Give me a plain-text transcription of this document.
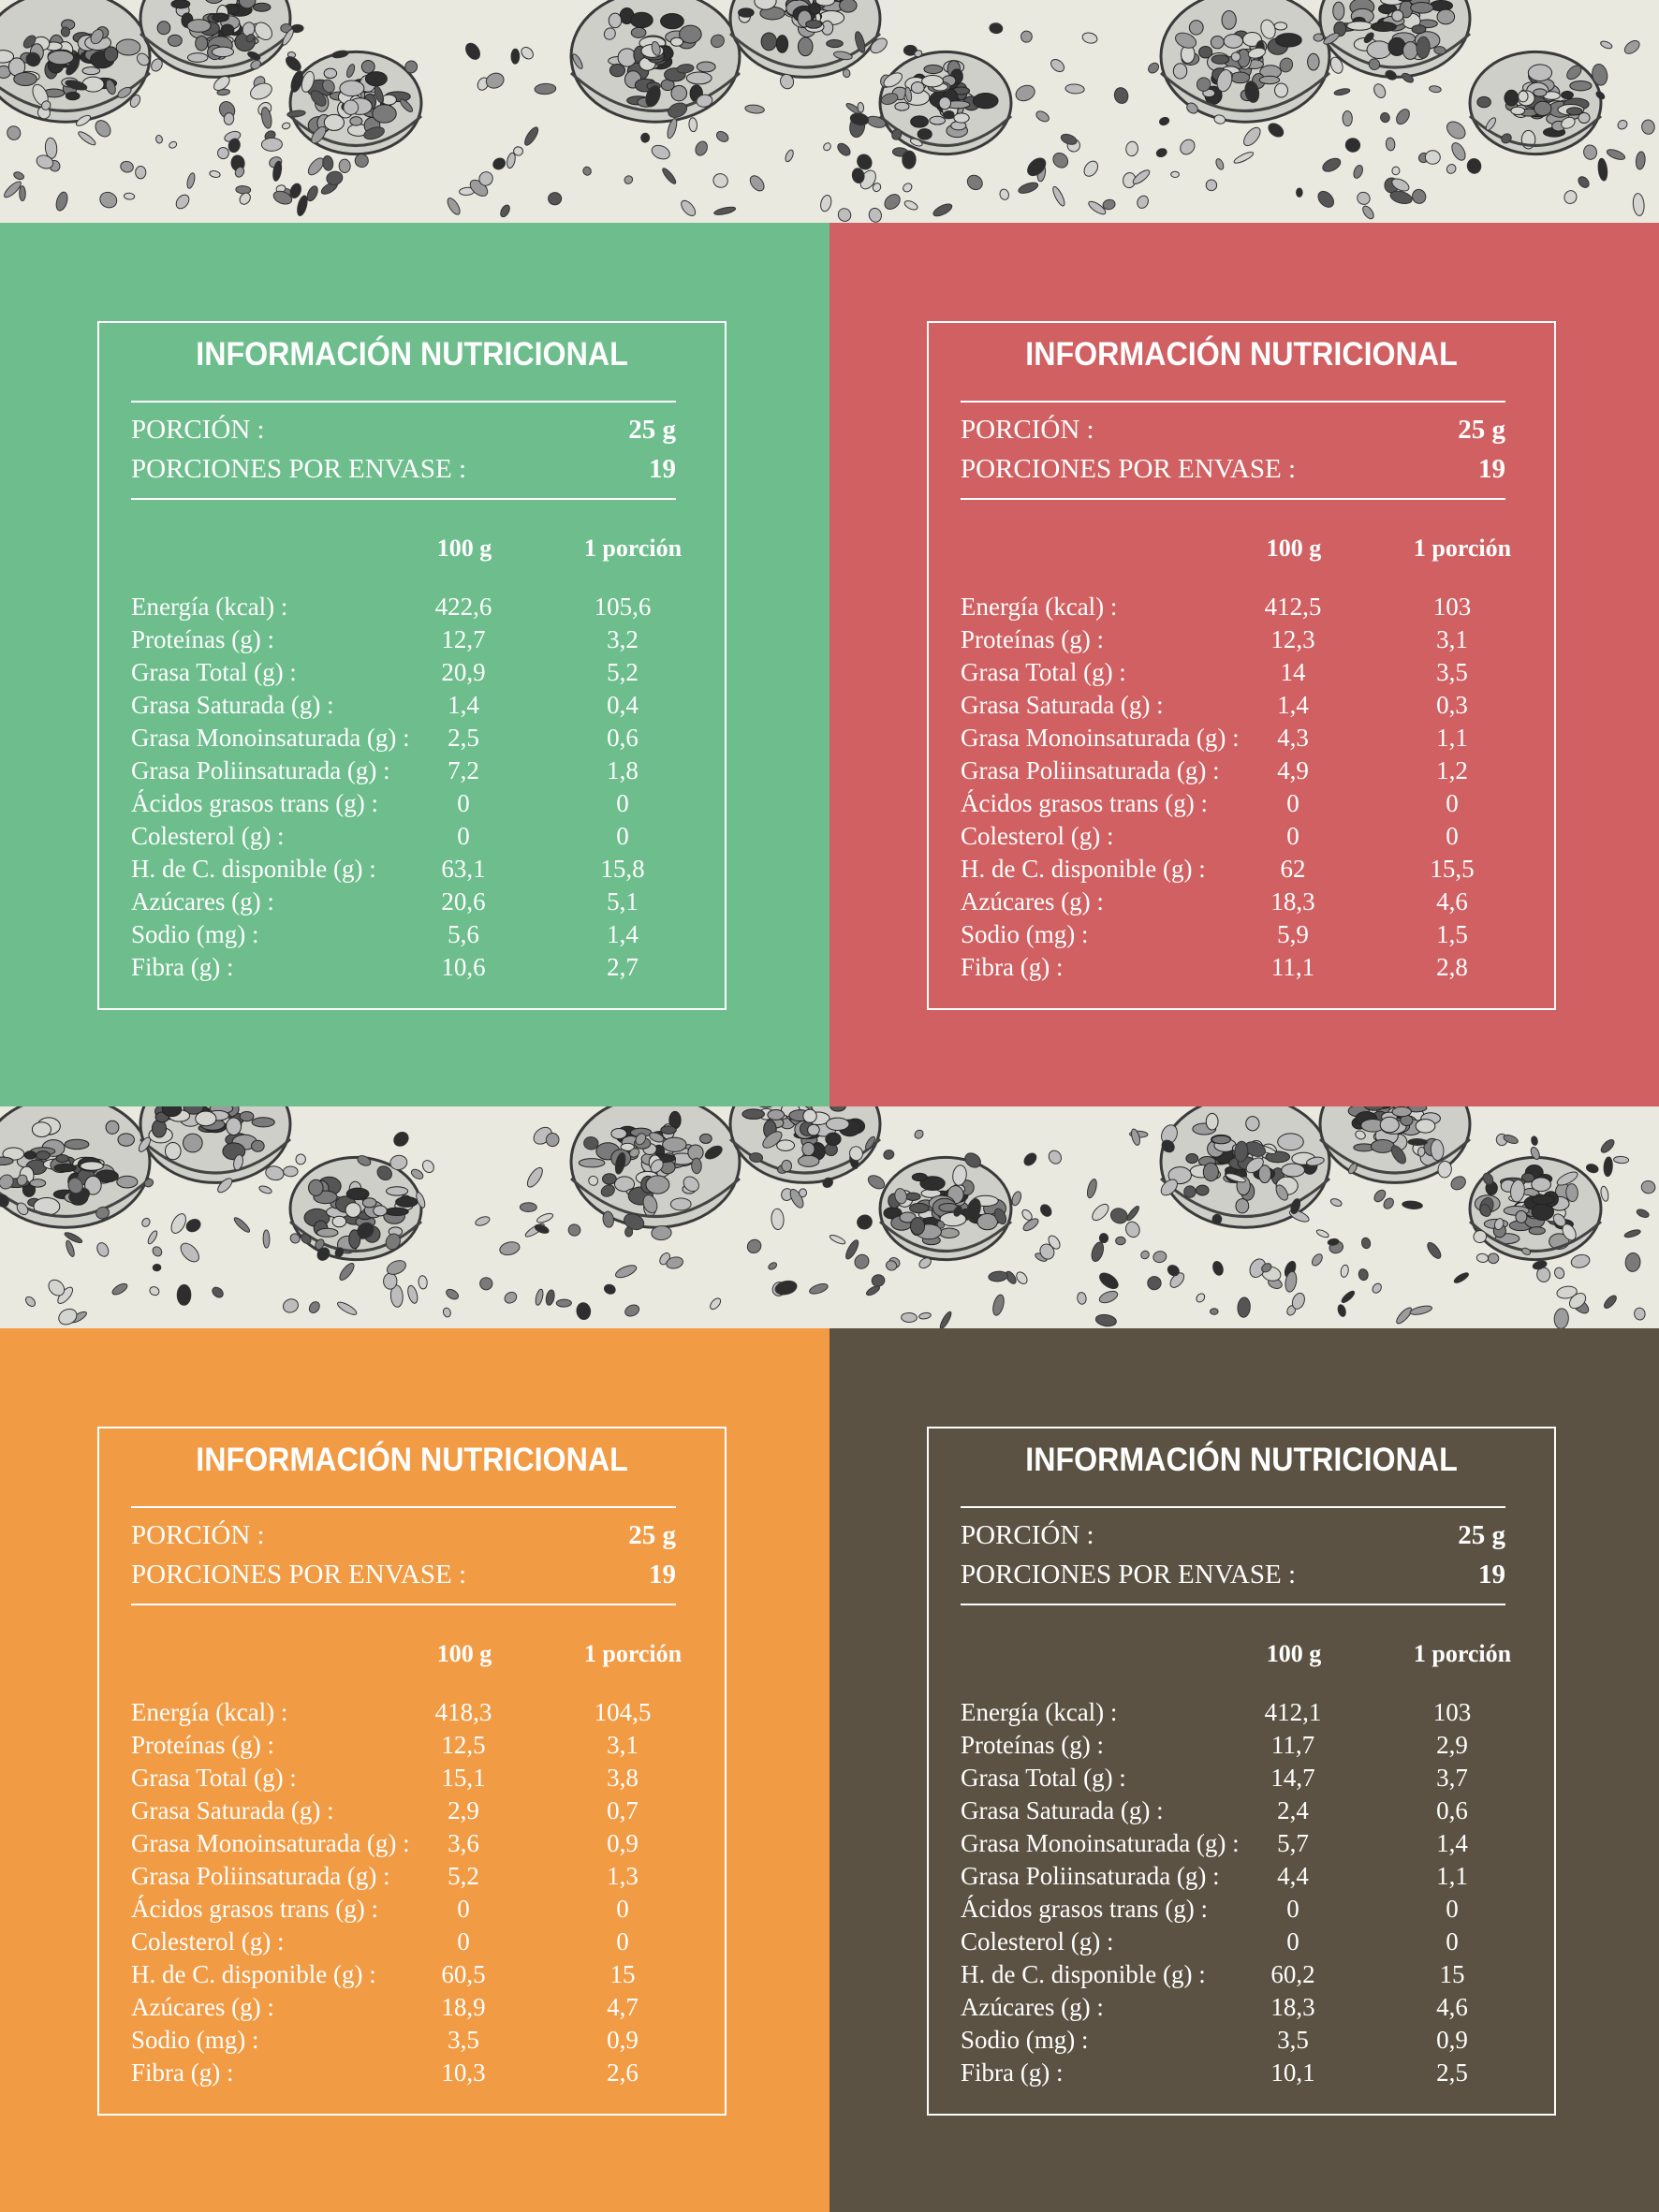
INFORMACIÓN NUTRICIONAL
PORCIÓN :	25 g
PORCIONES POR ENVASE :	19
100 g	1 porción
Energía (kcal) :	422,6	105,6
Proteínas (g) :	12,7	3,2
Grasa Total (g) :	20,9	5,2
Grasa Saturada (g) :	1,4	0,4
Grasa Monoinsaturada (g) :	2,5	0,6
Grasa Poliinsaturada (g) :	7,2	1,8
Ácidos grasos trans (g) :	0	0
Colesterol (g) :	0	0
H. de C. disponible (g) :	63,1	15,8
Azúcares (g) :	20,6	5,1
Sodio (mg) :	5,6	1,4
Fibra (g) :	10,6	2,7
INFORMACIÓN NUTRICIONAL
PORCIÓN :	25 g
PORCIONES POR ENVASE :	19
100 g	1 porción
Energía (kcal) :	412,5	103
Proteínas (g) :	12,3	3,1
Grasa Total (g) :	14	3,5
Grasa Saturada (g) :	1,4	0,3
Grasa Monoinsaturada (g) :	4,3	1,1
Grasa Poliinsaturada (g) :	4,9	1,2
Ácidos grasos trans (g) :	0	0
Colesterol (g) :	0	0
H. de C. disponible (g) :	62	15,5
Azúcares (g) :	18,3	4,6
Sodio (mg) :	5,9	1,5
Fibra (g) :	11,1	2,8
INFORMACIÓN NUTRICIONAL
PORCIÓN :	25 g
PORCIONES POR ENVASE :	19
100 g	1 porción
Energía (kcal) :	418,3	104,5
Proteínas (g) :	12,5	3,1
Grasa Total (g) :	15,1	3,8
Grasa Saturada (g) :	2,9	0,7
Grasa Monoinsaturada (g) :	3,6	0,9
Grasa Poliinsaturada (g) :	5,2	1,3
Ácidos grasos trans (g) :	0	0
Colesterol (g) :	0	0
H. de C. disponible (g) :	60,5	15
Azúcares (g) :	18,9	4,7
Sodio (mg) :	3,5	0,9
Fibra (g) :	10,3	2,6
INFORMACIÓN NUTRICIONAL
PORCIÓN :	25 g
PORCIONES POR ENVASE :	19
100 g	1 porción
Energía (kcal) :	412,1	103
Proteínas (g) :	11,7	2,9
Grasa Total (g) :	14,7	3,7
Grasa Saturada (g) :	2,4	0,6
Grasa Monoinsaturada (g) :	5,7	1,4
Grasa Poliinsaturada (g) :	4,4	1,1
Ácidos grasos trans (g) :	0	0
Colesterol (g) :	0	0
H. de C. disponible (g) :	60,2	15
Azúcares (g) :	18,3	4,6
Sodio (mg) :	3,5	0,9
Fibra (g) :	10,1	2,5
